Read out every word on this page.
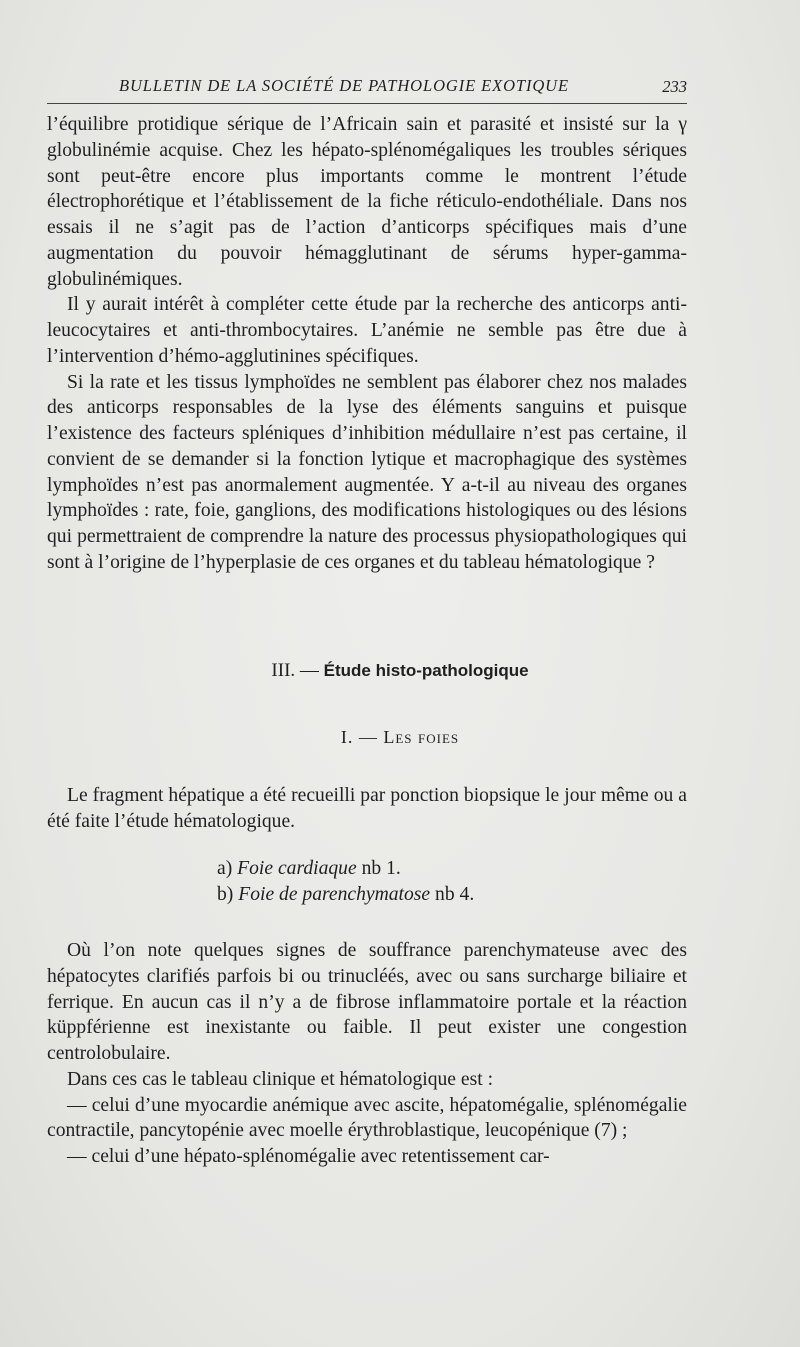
BULLETIN DE LA SOCIÉTÉ DE PATHOLOGIE EXOTIQUE	233

l’équilibre protidique sérique de l’Africain sain et parasité et insisté sur la γ globulinémie acquise. Chez les hépato-splénomégaliques les troubles sériques sont peut-être encore plus importants comme le montrent l’étude électrophorétique et l’établissement de la fiche réticulo-endothéliale. Dans nos essais il ne s’agit pas de l’action d’anticorps spécifiques mais d’une augmentation du pouvoir hémagglutinant de sérums hyper-gamma-globulinémiques.

Il y aurait intérêt à compléter cette étude par la recherche des anticorps anti-leucocytaires et anti-thrombocytaires. L’anémie ne semble pas être due à l’intervention d’hémo-agglutinines spécifiques.

Si la rate et les tissus lymphoïdes ne semblent pas élaborer chez nos malades des anticorps responsables de la lyse des éléments sanguins et puisque l’existence des facteurs spléniques d’inhibition médullaire n’est pas certaine, il convient de se demander si la fonction lytique et macrophagique des systèmes lymphoïdes n’est pas anormalement augmentée. Y a-t-il au niveau des organes lymphoïdes : rate, foie, ganglions, des modifications histologiques ou des lésions qui permettraient de comprendre la nature des processus physiopathologiques qui sont à l’origine de l’hyperplasie de ces organes et du tableau hématologique ?

III. — Étude histo-pathologique
I. — Les foies

Le fragment hépatique a été recueilli par ponction biopsique le jour même ou a été faite l’étude hématologique.

a) Foie cardiaque nb 1.
b) Foie de parenchymatose nb 4.

Où l’on note quelques signes de souffrance parenchymateuse avec des hépatocytes clarifiés parfois bi ou trinucléés, avec ou sans surcharge biliaire et ferrique. En aucun cas il n’y a de fibrose inflammatoire portale et la réaction küppférienne est inexistante ou faible. Il peut exister une congestion centrolobulaire.

Dans ces cas le tableau clinique et hématologique est :

— celui d’une myocardie anémique avec ascite, hépatomégalie, splénomégalie contractile, pancytopénie avec moelle érythroblastique, leucopénique (7) ;

— celui d’une hépato-splénomégalie avec retentissement car-
